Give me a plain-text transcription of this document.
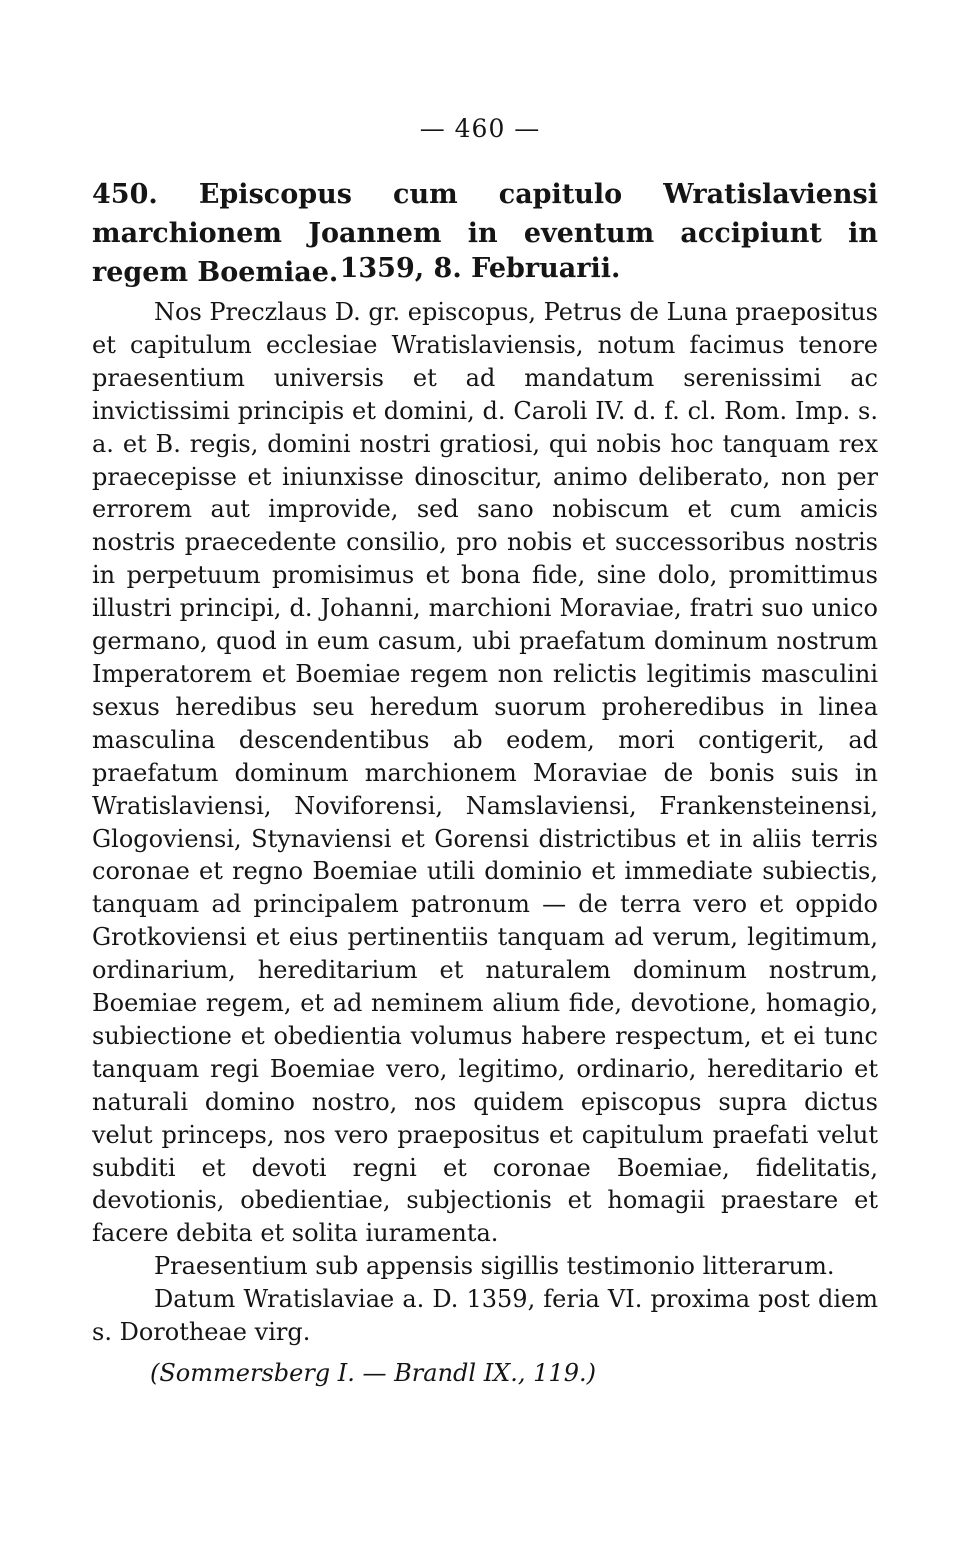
— 460 —
450. Episcopus cum capitulo Wratislaviensi marchionem Joannem in eventum accipiunt in regem Boemiae. 1359, 8. Februarii.

Nos Preczlaus D. gr. episcopus, Petrus de Luna praepositus et capitulum ecclesiae Wratislaviensis, notum facimus tenore praesentium universis et ad mandatum serenissimi ac invictissimi principis et domini, d. Caroli IV. d. f. cl. Rom. Imp. s. a. et B. regis, domini nostri gratiosi, qui nobis hoc tanquam rex praecepisse et iniunxisse dinoscitur, animo deliberato, non per errorem aut improvide, sed sano nobiscum et cum amicis nostris praecedente consilio, pro nobis et successoribus nostris in perpetuum promisimus et bona fide, sine dolo, promittimus illustri principi, d. Johanni, marchioni Moraviae, fratri suo unico germano, quod in eum casum, ubi praefatum dominum nostrum Imperatorem et Boemiae regem non relictis legitimis masculini sexus heredibus seu heredum suorum proheredibus in linea masculina descendentibus ab eodem, mori contigerit, ad praefatum dominum marchionem Moraviae de bonis suis in Wratislaviensi, Noviforensi, Namslaviensi, Frankensteinensi, Glogoviensi, Stynaviensi et Gorensi districtibus et in aliis terris coronae et regno Boemiae utili dominio et immediate subiectis, tanquam ad principalem patronum — de terra vero et oppido Grotkoviensi et eius pertinentiis tanquam ad verum, legitimum, ordinarium, hereditarium et naturalem dominum nostrum, Boemiae regem, et ad neminem alium fide, devotione, homagio, subiectione et obedientia volumus habere respectum, et ei tunc tanquam regi Boemiae vero, legitimo, ordinario, hereditario et naturali domino nostro, nos quidem episcopus supra dictus velut princeps, nos vero praepositus et capitulum praefati velut subditi et devoti regni et coronae Boemiae, fidelitatis, devotionis, obedientiae, subjectionis et homagii praestare et facere debita et solita iuramenta.

Praesentium sub appensis sigillis testimonio litterarum.

Datum Wratislaviae a. D. 1359, feria VI. proxima post diem s. Dorotheae virg.

(Sommersberg I. — Brandl IX., 119.)
